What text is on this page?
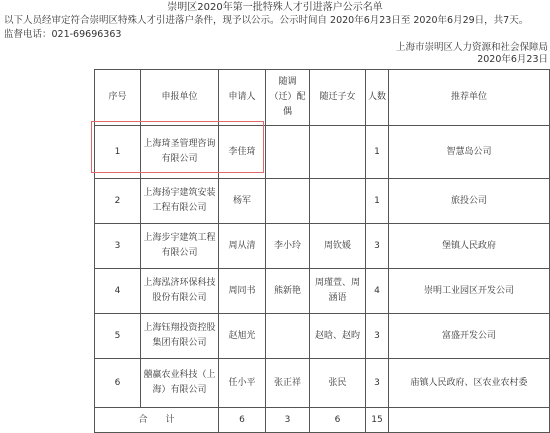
崇明区2020年第一批特殊人才引进落户公示名单
以下人员经审定符合崇明区特殊人才引进落户条件，现予以公示。公示时间自 2020年6月23日至 2020年6月29日，共7天。
监督电话：021-69696363
上海市崇明区人力资源和社会保障局
2020年6月23日
序号	申报单位	申请人	随调（迁）配偶	随迁子女	人数	推荐单位
1	上海琦圣管理咨询有限公司	李佳琦			1	智慧岛公司
2	上海扬宇建筑安装工程有限公司	杨军			1	旅投公司
3	上海步宇建筑工程有限公司	周从清	李小玲	周钦媛	3	堡镇人民政府
4	上海泓济环保科技股份有限公司	周同书	熊新艳	周瑾萱、周涵语	4	崇明工业园区开发公司
5	上海钰翔投资控股集团有限公司	赵旭光		赵晗、赵昀	3	富盛开发公司
6	囍赢农业科技（上海）有限公司	任小平	张正祥	张民	3	庙镇人民政府、区农业农村委
合　　计		6	3	6	15	
